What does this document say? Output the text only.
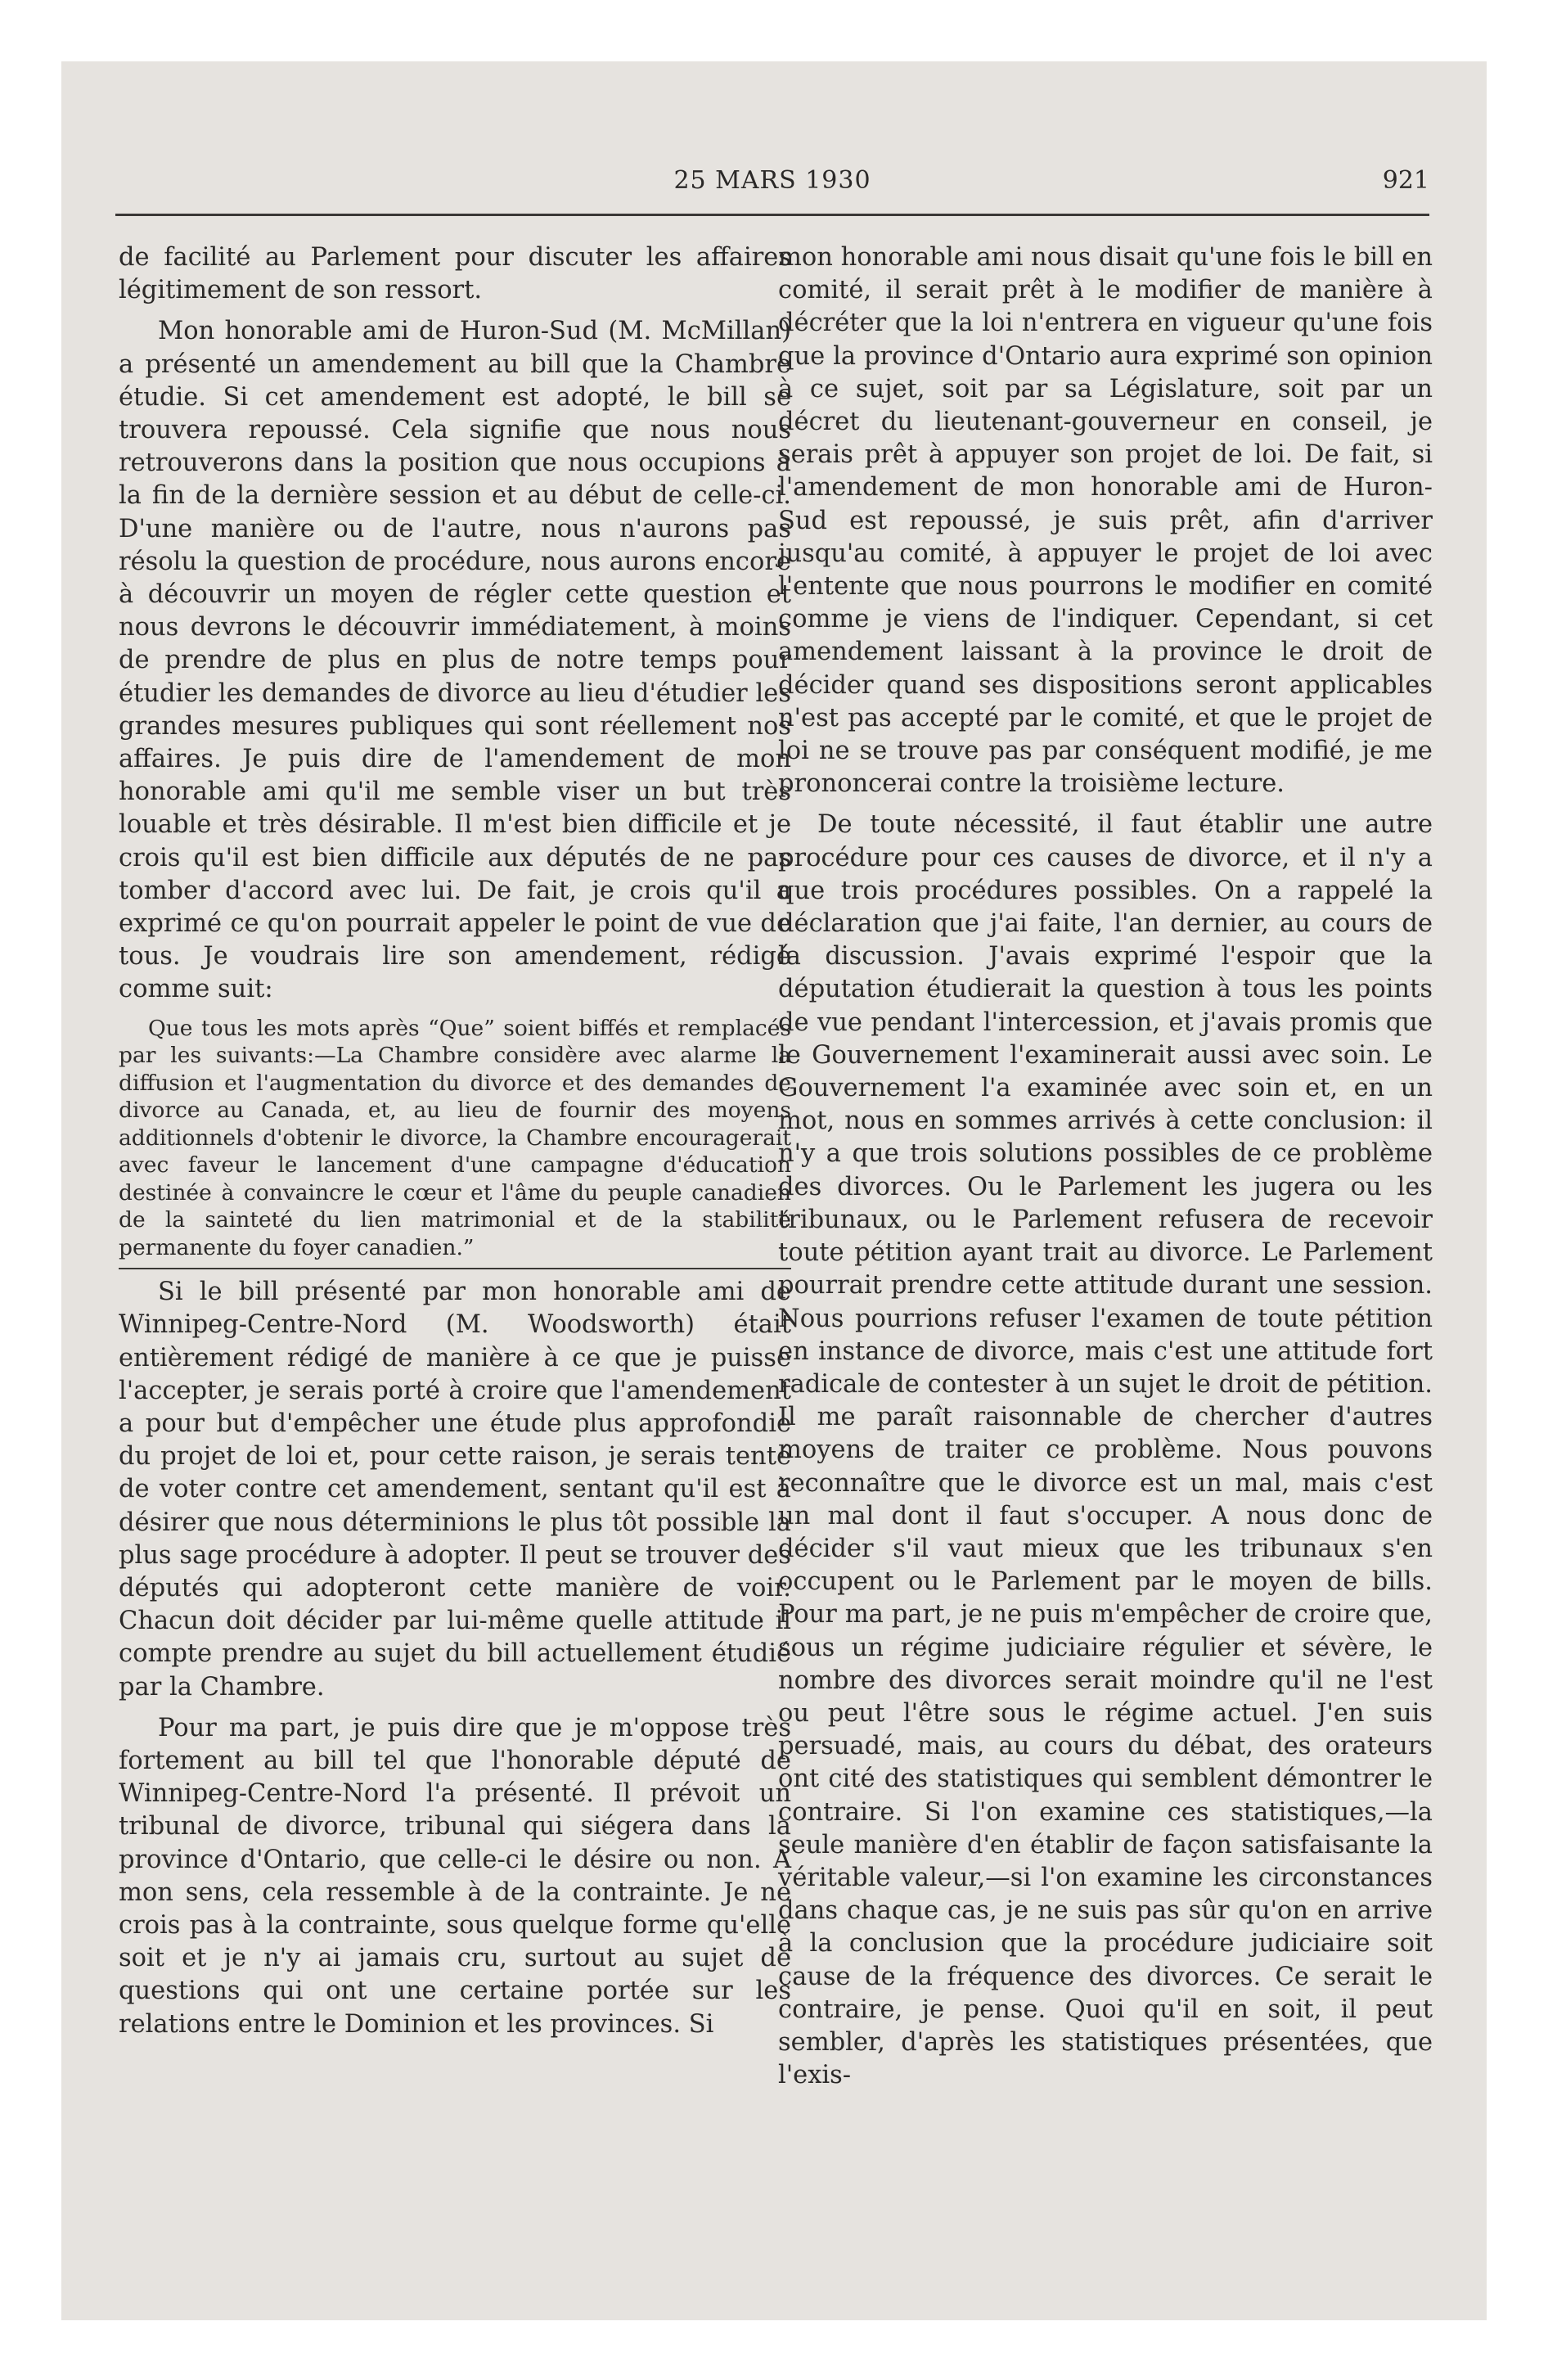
25 MARS 1930	921

de facilité au Parlement pour discuter les affaires légitimement de son ressort.

Mon honorable ami de Huron-Sud (M. McMillan) a présenté un amendement au bill que la Chambre étudie. Si cet amendement est adopté, le bill se trouvera repoussé. Cela signifie que nous nous retrouverons dans la position que nous occupions à la fin de la dernière session et au début de celle-ci. D'une manière ou de l'autre, nous n'aurons pas résolu la question de procédure, nous aurons encore à découvrir un moyen de régler cette question et nous devrons le découvrir immédiatement, à moins de prendre de plus en plus de notre temps pour étudier les demandes de divorce au lieu d'étudier les grandes mesures publiques qui sont réellement nos affaires. Je puis dire de l'amendement de mon honorable ami qu'il me semble viser un but très louable et très désirable. Il m'est bien difficile et je crois qu'il est bien difficile aux députés de ne pas tomber d'accord avec lui. De fait, je crois qu'il a exprimé ce qu'on pourrait appeler le point de vue de tous. Je voudrais lire son amendement, rédigé comme suit:

Que tous les mots après “Que” soient biffés et remplacés par les suivants:—La Chambre considère avec alarme la diffusion et l'augmentation du divorce et des demandes de divorce au Canada, et, au lieu de fournir des moyens additionnels d'obtenir le divorce, la Chambre encouragerait avec faveur le lancement d'une campagne d'éducation destinée à convaincre le cœur et l'âme du peuple canadien de la sainteté du lien matrimonial et de la stabilité permanente du foyer canadien.”

Si le bill présenté par mon honorable ami de Winnipeg-Centre-Nord (M. Woodsworth) était entièrement rédigé de manière à ce que je puisse l'accepter, je serais porté à croire que l'amendement a pour but d'empêcher une étude plus approfondie du projet de loi et, pour cette raison, je serais tenté de voter contre cet amendement, sentant qu'il est à désirer que nous déterminions le plus tôt possible la plus sage procédure à adopter. Il peut se trouver des députés qui adopteront cette manière de voir. Chacun doit décider par lui-même quelle attitude il compte prendre au sujet du bill actuellement étudié par la Chambre.

Pour ma part, je puis dire que je m'oppose très fortement au bill tel que l'honorable député de Winnipeg-Centre-Nord l'a présenté. Il prévoit un tribunal de divorce, tribunal qui siégera dans la province d'Ontario, que celle-ci le désire ou non. A mon sens, cela ressemble à de la contrainte. Je ne crois pas à la contrainte, sous quelque forme qu'elle soit et je n'y ai jamais cru, surtout au sujet de questions qui ont une certaine portée sur les relations entre le Dominion et les provinces. Si

mon honorable ami nous disait qu'une fois le bill en comité, il serait prêt à le modifier de manière à décréter que la loi n'entrera en vigueur qu'une fois que la province d'Ontario aura exprimé son opinion à ce sujet, soit par sa Législature, soit par un décret du lieutenant-gouverneur en conseil, je serais prêt à appuyer son projet de loi. De fait, si l'amendement de mon honorable ami de Huron-Sud est repoussé, je suis prêt, afin d'arriver jusqu'au comité, à appuyer le projet de loi avec l'entente que nous pourrons le modifier en comité comme je viens de l'indiquer. Cependant, si cet amendement laissant à la province le droit de décider quand ses dispositions seront applicables n'est pas accepté par le comité, et que le projet de loi ne se trouve pas par conséquent modifié, je me prononcerai contre la troisième lecture.

De toute nécessité, il faut établir une autre procédure pour ces causes de divorce, et il n'y a que trois procédures possibles. On a rappelé la déclaration que j'ai faite, l'an dernier, au cours de la discussion. J'avais exprimé l'espoir que la députation étudierait la question à tous les points de vue pendant l'intercession, et j'avais promis que le Gouvernement l'examinerait aussi avec soin. Le Gouvernement l'a examinée avec soin et, en un mot, nous en sommes arrivés à cette conclusion: il n'y a que trois solutions possibles de ce problème des divorces. Ou le Parlement les jugera ou les tribunaux, ou le Parlement refusera de recevoir toute pétition ayant trait au divorce. Le Parlement pourrait prendre cette attitude durant une session. Nous pourrions refuser l'examen de toute pétition en instance de divorce, mais c'est une attitude fort radicale de contester à un sujet le droit de pétition. Il me paraît raisonnable de chercher d'autres moyens de traiter ce problème. Nous pouvons reconnaître que le divorce est un mal, mais c'est un mal dont il faut s'occuper. A nous donc de décider s'il vaut mieux que les tribunaux s'en occupent ou le Parlement par le moyen de bills. Pour ma part, je ne puis m'empêcher de croire que, sous un régime judiciaire régulier et sévère, le nombre des divorces serait moindre qu'il ne l'est ou peut l'être sous le régime actuel. J'en suis persuadé, mais, au cours du débat, des orateurs ont cité des statistiques qui semblent démontrer le contraire. Si l'on examine ces statistiques,—la seule manière d'en établir de façon satisfaisante la véritable valeur,—si l'on examine les circonstances dans chaque cas, je ne suis pas sûr qu'on en arrive à la conclusion que la procédure judiciaire soit cause de la fréquence des divorces. Ce serait le contraire, je pense. Quoi qu'il en soit, il peut sembler, d'après les statistiques présentées, que l'exis-
